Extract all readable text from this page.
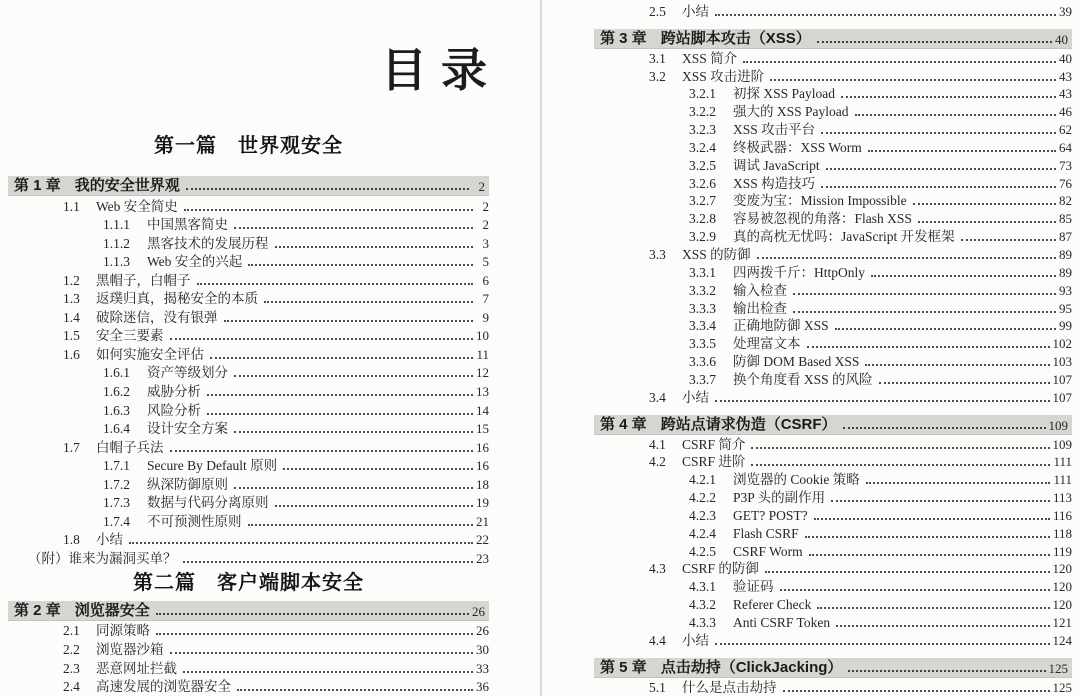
目录
第一篇　世界观安全
第 1 章 我的安全世界观	2
1.1	Web 安全简史	2
1.1.1	中国黑客简史	2
1.1.2	黑客技术的发展历程	3
1.1.3	Web 安全的兴起	5
1.2	黑帽子，白帽子	6
1.3	返璞归真，揭秘安全的本质	7
1.4	破除迷信，没有银弹	9
1.5	安全三要素	10
1.6	如何实施安全评估	11
1.6.1	资产等级划分	12
1.6.2	威胁分析	13
1.6.3	风险分析	14
1.6.4	设计安全方案	15
1.7	白帽子兵法	16
1.7.1	Secure By Default 原则	16
1.7.2	纵深防御原则	18
1.7.3	数据与代码分离原则	19
1.7.4	不可预测性原则	21
1.8	小结	22
（附）谁来为漏洞买单？	23
第二篇　客户端脚本安全
第 2 章 浏览器安全	26
2.1	同源策略	26
2.2	浏览器沙箱	30
2.3	恶意网址拦截	33
2.4	高速发展的浏览器安全	36
2.5	小结	39
第 3 章 跨站脚本攻击（XSS）	40
3.1	XSS 简介	40
3.2	XSS 攻击进阶	43
3.2.1	初探 XSS Payload	43
3.2.2	强大的 XSS Payload	46
3.2.3	XSS 攻击平台	62
3.2.4	终极武器：XSS Worm	64
3.2.5	调试 JavaScript	73
3.2.6	XSS 构造技巧	76
3.2.7	变废为宝：Mission Impossible	82
3.2.8	容易被忽视的角落：Flash XSS	85
3.2.9	真的高枕无忧吗：JavaScript 开发框架	87
3.3	XSS 的防御	89
3.3.1	四两拨千斤：HttpOnly	89
3.3.2	输入检查	93
3.3.3	输出检查	95
3.3.4	正确地防御 XSS	99
3.3.5	处理富文本	102
3.3.6	防御 DOM Based XSS	103
3.3.7	换个角度看 XSS 的风险	107
3.4	小结	107
第 4 章 跨站点请求伪造（CSRF）	109
4.1	CSRF 简介	109
4.2	CSRF 进阶	111
4.2.1	浏览器的 Cookie 策略	111
4.2.2	P3P 头的副作用	113
4.2.3	GET? POST?	116
4.2.4	Flash CSRF	118
4.2.5	CSRF Worm	119
4.3	CSRF 的防御	120
4.3.1	验证码	120
4.3.2	Referer Check	120
4.3.3	Anti CSRF Token	121
4.4	小结	124
第 5 章 点击劫持（ClickJacking）	125
5.1	什么是点击劫持	125
